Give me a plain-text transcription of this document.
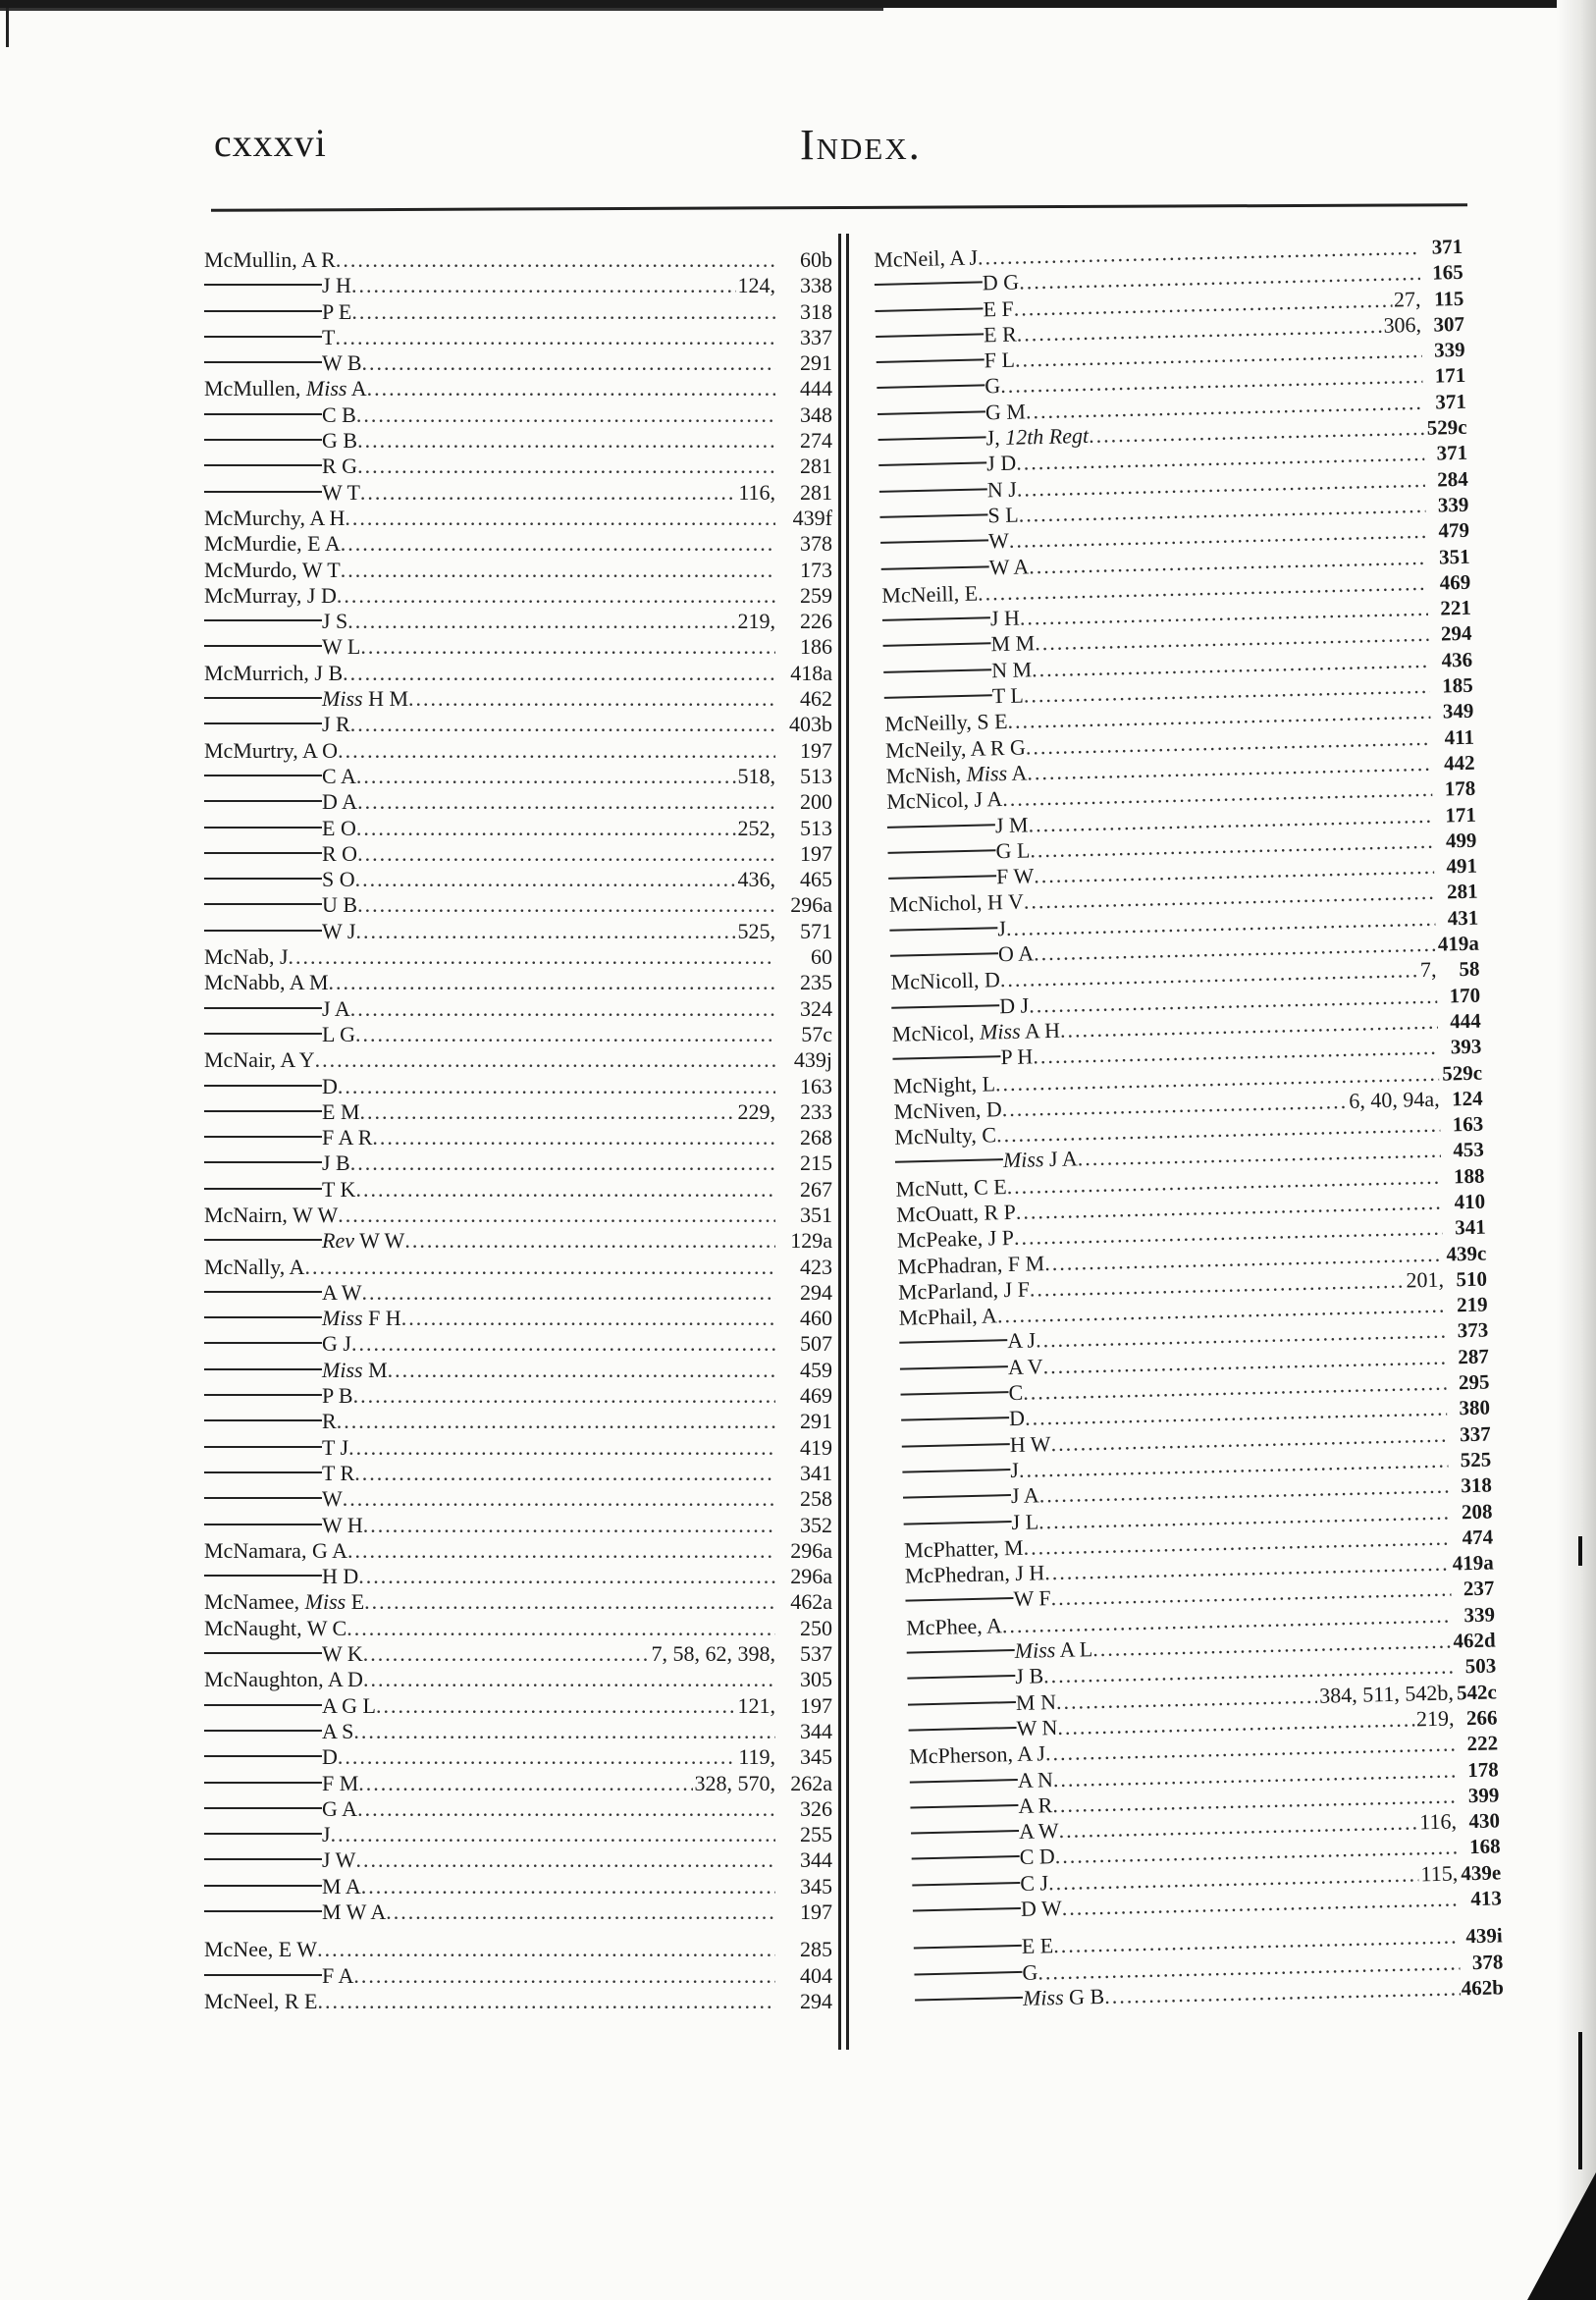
cxxxvi	Index.
McMullin, A R .....	60b
J H .....	124,	338
P E .....	318
T .....	337
W B .....	291
McMullen, Miss A .....	444
C B .....	348
G B .....	274
R G .....	281
W T .....	116,	281
McMurchy, A H .....	439f
McMurdie, E A .....	378
McMurdo, W T .....	173
McMurray, J D .....	259
J S .....	219,	226
W L .....	186
McMurrich, J B .....	418a
Miss H M .....	462
J R .....	403b
McMurtry, A O .....	197
C A .....	518,	513
D A .....	200
E O .....	252,	513
R O .....	197
S O .....	436,	465
U B .....	296a
W J .....	525,	571
McNab, J .....	60
McNabb, A M .....	235
J A .....	324
L G .....	57c
McNair, A Y .....	439j
D .....	163
E M .....	229,	233
F A R .....	268
J B .....	215
T K .....	267
McNairn, W W .....	351
Rev W W .....	129a
McNally, A .....	423
A W .....	294
Miss F H .....	460
G J .....	507
Miss M .....	459
P B .....	469
R .....	291
T J .....	419
T R .....	341
W .....	258
W H .....	352
McNamara, G A .....	296a
H D .....	296a
McNamee, Miss E .....	462a
McNaught, W C .....	250
W K .....	7, 58, 62, 398,	537
McNaughton, A D .....	305
A G L .....	121,	197
A S .....	344
D .....	119,	345
F M .....	328, 570, 262a
G A .....	326
J .....	255
J W .....	344
M A .....	345
M W A .....	197
McNee, E W .....	285
F A .....	404
McNeel, R E .....	294
McNeil, A J .....	371
D G .....	165
E F .....	27, 115
E R .....	306, 307
F L .....	339
G .....	171
G M .....	371
J, 12th Regt .....	529c
J D .....	371
N J .....	284
S L .....	339
W .....	479
W A .....	351
McNeill, E .....	469
J H .....	221
M M .....	294
N M .....	436
T L .....	185
McNeilly, S E .....	349
McNeily, A R G .....	411
McNish, Miss A .....	442
McNicol, J A .....	178
J M .....	171
G L .....	499
F W .....	491
McNichol, H V .....	281
J .....	431
O A .....	419a
McNicoll, D .....	7,	58
D J .....	170
McNicol, Miss A H .....	444
P H .....	393
McNight, L .....	529c
McNiven, D .....	6, 40, 94a, 124
McNulty, C .....	163
Miss J A .....	453
McNutt, C E .....	188
McOuatt, R P .....	410
McPeake, J P .....	341
McPhadran, F M .....	439c
McParland, J F .....	201, 510
McPhail, A .....	219
A J .....	373
A V .....	287
C .....	295
D .....	380
H W .....	337
J .....	525
J A .....	318
J L .....	208
McPhatter, M .....	474
McPhedran, J H .....	419a
W F .....	237
McPhee, A .....	339
Miss A L .....	462d
J B .....	503
M N .....	384, 511, 542b, 542c
W N .....	219, 266
McPherson, A J .....	222
A N .....	178
A R .....	399
A W .....	116, 430
C D .....	168
C J .....	115, 439e
D W .....	413
E E .....	439i
G .....	378
Miss G B .....	462b
